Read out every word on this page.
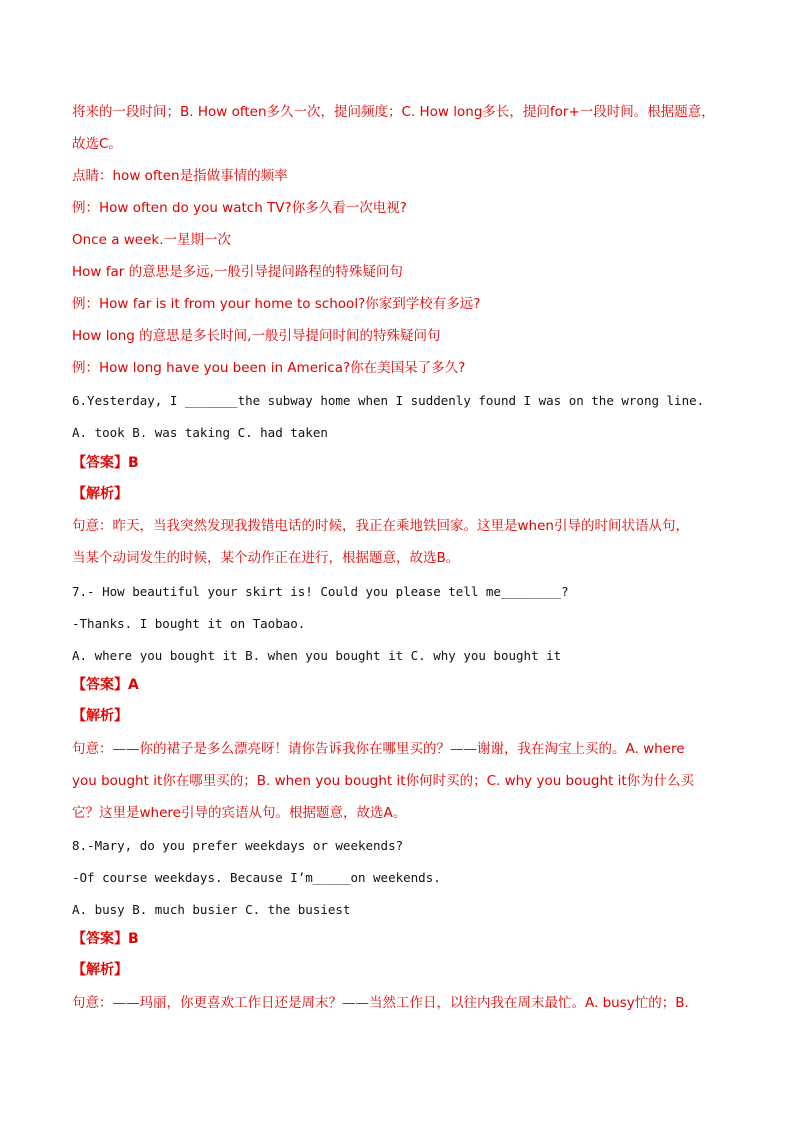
将来的一段时间；B. How often多久一次，提问频度；C. How long多长，提问for+一段时间。根据题意，
故选C。
点睛：how often是指做事情的频率
例：How often do you watch TV?你多久看一次电视?
Once a week.一星期一次
How far 的意思是多远,一般引导提问路程的特殊疑问句
例：How far is it from your home to school?你家到学校有多远?
How long 的意思是多长时间,一般引导提问时间的特殊疑问句
例：How long have you been in America?你在美国呆了多久?
6.Yesterday, I _______the subway home when I suddenly found I was on the wrong line.
A. took B. was taking C. had taken
【答案】B
【解析】
句意：昨天，当我突然发现我拨错电话的时候，我正在乘地铁回家。这里是when引导的时间状语从句，
当某个动词发生的时候，某个动作正在进行，根据题意，故选B。
7.- How beautiful your skirt is! Could you please tell me________?
-Thanks. I bought it on Taobao.
A. where you bought it B. when you bought it C. why you bought it
【答案】A
【解析】
句意：——你的裙子是多么漂亮呀！请你告诉我你在哪里买的？——谢谢，我在淘宝上买的。A. where
you bought it你在哪里买的；B. when you bought it你何时买的；C. why you bought it你为什么买
它？这里是where引导的宾语从句。根据题意，故选A。
8.-Mary, do you prefer weekdays or weekends?
-Of course weekdays. Because I’m_____on weekends.
A. busy B. much busier C. the busiest
【答案】B
【解析】
句意：——玛丽，你更喜欢工作日还是周末？——当然工作日，以往内我在周末最忙。A. busy忙的；B.
